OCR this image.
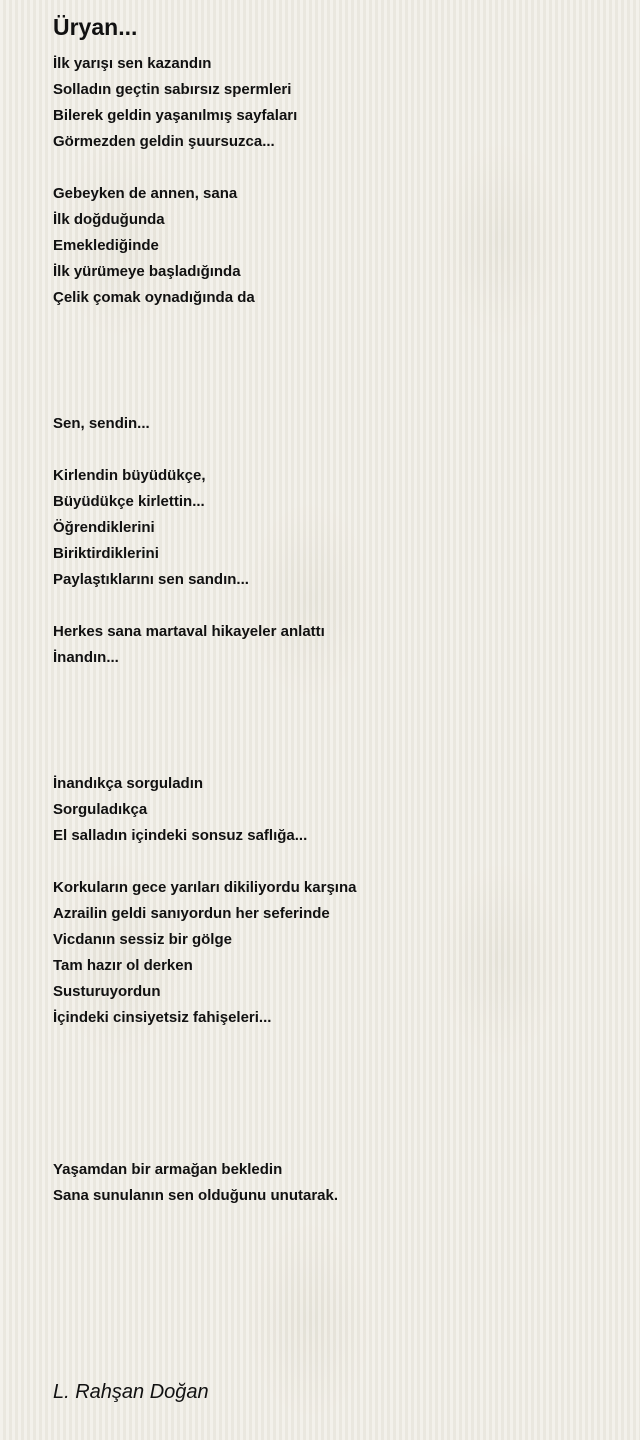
Üryan...
İlk yarışı sen kazandın
Solladın geçtin sabırsız spermleri
Bilerek geldin yaşanılmış sayfaları
Görmezden geldin şuursuzca...
Gebeyken de annen, sana
İlk doğduğunda
Emeklediğinde
İlk yürümeye başladığında
Çelik çomak oynadığında da
Sen, sendin...
Kirlendin büyüdükçe,
Büyüdükçe kirlettin...
Öğrendiklerini
Biriktirdiklerini
Paylaştıklarını sen sandın...
Herkes sana martaval hikayeler anlattı
İnandın...
İnandıkça sorguladın
Sorguladıkça
El salladın içindeki sonsuz saflığa...
Korkuların gece yarıları dikiliyordu karşına
Azrailin geldi sanıyordun her seferinde
Vicdanın sessiz bir gölge
Tam hazır ol derken
Susturuyordun
İçindeki cinsiyetsiz fahişeleri...
Yaşamdan bir armağan bekledin
Sana sunulanın sen olduğunu unutarak.
L. Rahşan Doğan
